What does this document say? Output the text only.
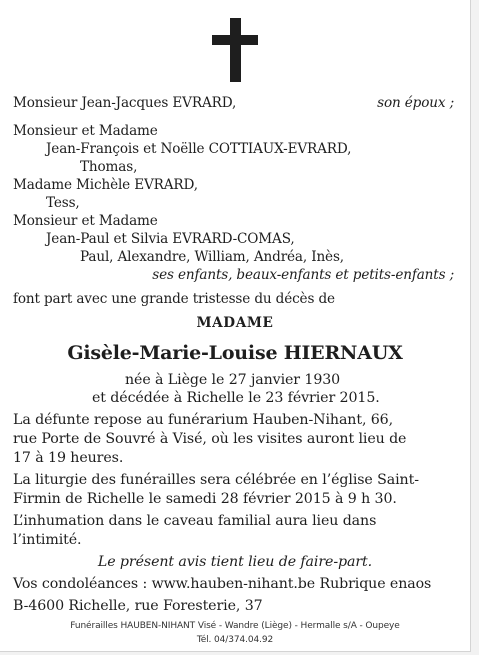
Monsieur Jean-Jacques EVRARD,	son époux ;
Monsieur et Madame
Jean-François et Noëlle COTTIAUX-EVRARD,
Thomas,
Madame Michèle EVRARD,
Tess,
Monsieur et Madame
Jean-Paul et Silvia EVRARD-COMAS,
Paul, Alexandre, William, Andréa, Inès,
ses enfants, beaux-enfants et petits-enfants ;
font part avec une grande tristesse du décès de
MADAME
Gisèle-Marie-Louise HIERNAUX
née à Liège le 27 janvier 1930
et décédée à Richelle le 23 février 2015.
La défunte repose au funérarium Hauben-Nihant, 66,
rue Porte de Souvré à Visé, où les visites auront lieu de
17 à 19 heures.
La liturgie des funérailles sera célébrée en l’église Saint-
Firmin de Richelle le samedi 28 février 2015 à 9 h 30.
L’inhumation dans le caveau familial aura lieu dans
l’intimité.
Le présent avis tient lieu de faire-part.
Vos condoléances : www.hauben-nihant.be Rubrique enaos
B-4600 Richelle, rue Foresterie, 37
Funérailles HAUBEN-NIHANT Visé - Wandre (Liège) - Hermalle s/A - Oupeye
Tél. 04/374.04.92
